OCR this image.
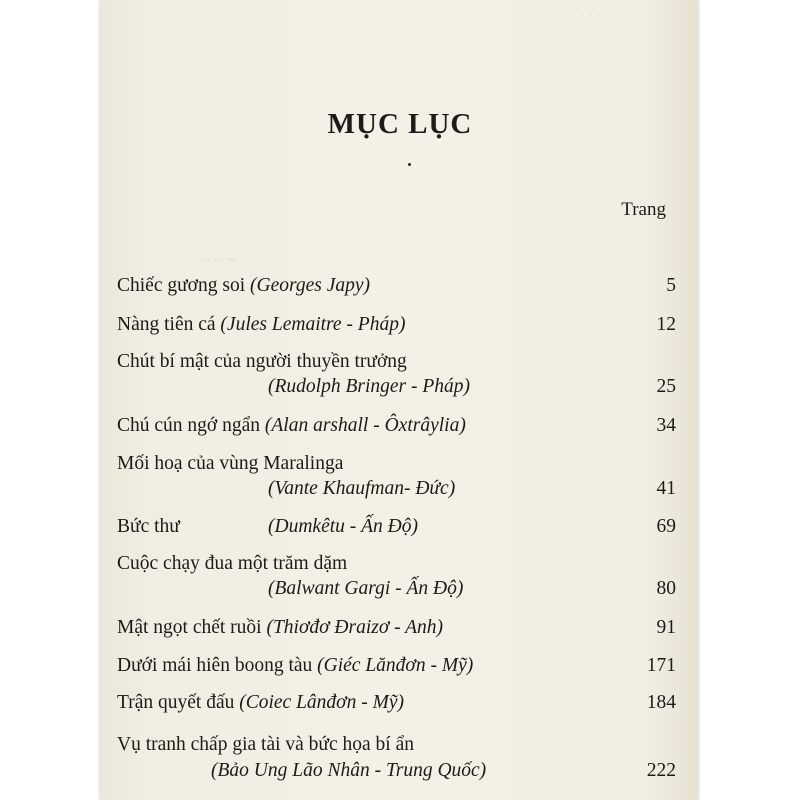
· · ·
~ ~ ~
MỤC LỤC
Trang
Chiếc gương soi (Georges Japy)	5
Nàng tiên cá (Jules Lemaitre - Pháp)	12
Chút bí mật của người thuyền trưởng
(Rudolph Bringer - Pháp)	25
Chú cún ngớ ngẩn (Alan arshall - Ôxtrâylia)	34
Mối hoạ của vùng Maralinga
(Vante Khaufman- Đức)	41
Bức thư	(Dumkêtu - Ấn Độ)	69
Cuộc chạy đua một trăm dặm
(Balwant Gargi - Ấn Độ)	80
Mật ngọt chết ruồi (Thiơđơ Đraizơ - Anh)	91
Dưới mái hiên boong tàu (Giéc Lănđơn - Mỹ)	171
Trận quyết đấu (Coiec Lânđơn - Mỹ)	184
Vụ tranh chấp gia tài và bức họa bí ẩn
(Bảo Ung Lão Nhân - Trung Quốc)	222
